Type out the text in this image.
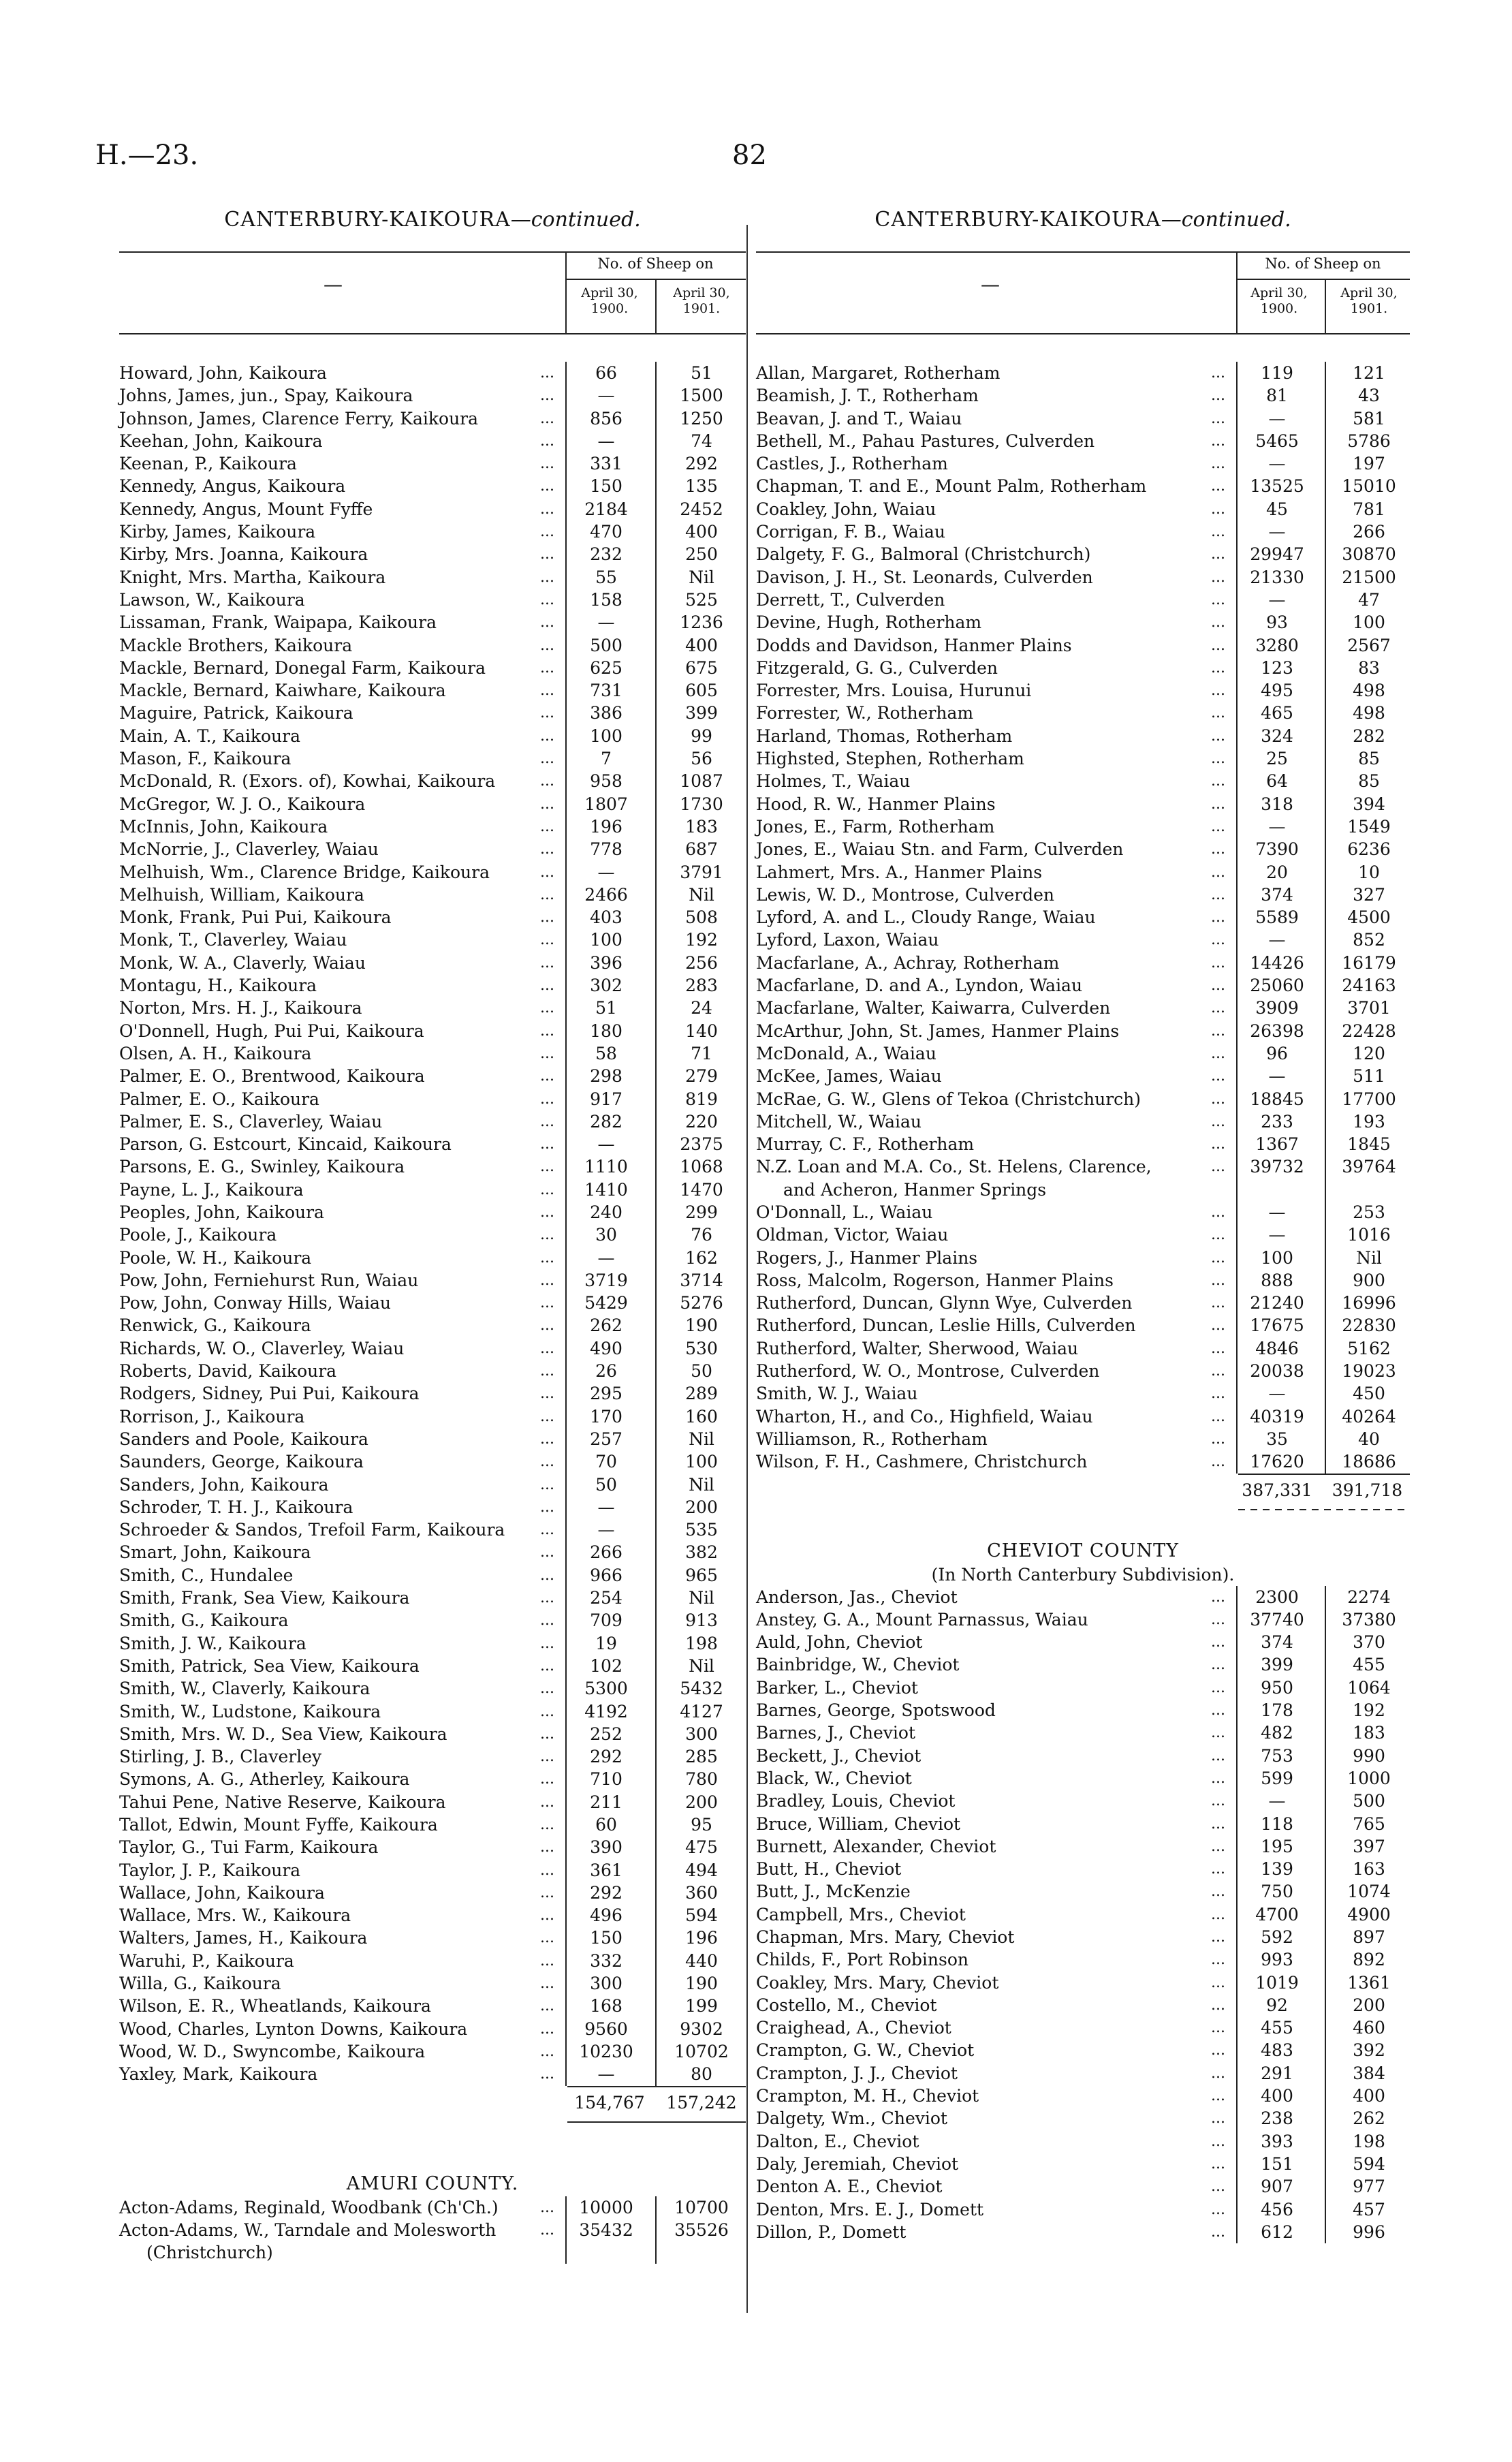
H.—23.	82
CANTERBURY-KAIKOURA—continued.
—
No. of Sheep on
April 30, 1900.
April 30, 1901.
Howard, John, Kaikoura	...	66	51
Johns, James, jun., Spay, Kaikoura	...	—	1500
Johnson, James, Clarence Ferry, Kaikoura	...	856	1250
Keehan, John, Kaikoura	...	—	74
Keenan, P., Kaikoura	...	331	292
Kennedy, Angus, Kaikoura	...	150	135
Kennedy, Angus, Mount Fyffe	...	2184	2452
Kirby, James, Kaikoura	...	470	400
Kirby, Mrs. Joanna, Kaikoura	...	232	250
Knight, Mrs. Martha, Kaikoura	...	55	Nil
Lawson, W., Kaikoura	...	158	525
Lissaman, Frank, Waipapa, Kaikoura	...	—	1236
Mackle Brothers, Kaikoura	...	500	400
Mackle, Bernard, Donegal Farm, Kaikoura	...	625	675
Mackle, Bernard, Kaiwhare, Kaikoura	...	731	605
Maguire, Patrick, Kaikoura	...	386	399
Main, A. T., Kaikoura	...	100	99
Mason, F., Kaikoura	...	7	56
McDonald, R. (Exors. of), Kowhai, Kaikoura	...	958	1087
McGregor, W. J. O., Kaikoura	...	1807	1730
McInnis, John, Kaikoura	...	196	183
McNorrie, J., Claverley, Waiau	...	778	687
Melhuish, Wm., Clarence Bridge, Kaikoura	...	—	3791
Melhuish, William, Kaikoura	...	2466	Nil
Monk, Frank, Pui Pui, Kaikoura	...	403	508
Monk, T., Claverley, Waiau	...	100	192
Monk, W. A., Claverly, Waiau	...	396	256
Montagu, H., Kaikoura	...	302	283
Norton, Mrs. H. J., Kaikoura	...	51	24
O'Donnell, Hugh, Pui Pui, Kaikoura	...	180	140
Olsen, A. H., Kaikoura	...	58	71
Palmer, E. O., Brentwood, Kaikoura	...	298	279
Palmer, E. O., Kaikoura	...	917	819
Palmer, E. S., Claverley, Waiau	...	282	220
Parson, G. Estcourt, Kincaid, Kaikoura	...	—	2375
Parsons, E. G., Swinley, Kaikoura	...	1110	1068
Payne, L. J., Kaikoura	...	1410	1470
Peoples, John, Kaikoura	...	240	299
Poole, J., Kaikoura	...	30	76
Poole, W. H., Kaikoura	...	—	162
Pow, John, Ferniehurst Run, Waiau	...	3719	3714
Pow, John, Conway Hills, Waiau	...	5429	5276
Renwick, G., Kaikoura	...	262	190
Richards, W. O., Claverley, Waiau	...	490	530
Roberts, David, Kaikoura	...	26	50
Rodgers, Sidney, Pui Pui, Kaikoura	...	295	289
Rorrison, J., Kaikoura	...	170	160
Sanders and Poole, Kaikoura	...	257	Nil
Saunders, George, Kaikoura	...	70	100
Sanders, John, Kaikoura	...	50	Nil
Schroder, T. H. J., Kaikoura	...	—	200
Schroeder & Sandos, Trefoil Farm, Kaikoura ...	—	535
Smart, John, Kaikoura	...	266	382
Smith, C., Hundalee	...	966	965
Smith, Frank, Sea View, Kaikoura	...	254	Nil
Smith, G., Kaikoura	...	709	913
Smith, J. W., Kaikoura	...	19	198
Smith, Patrick, Sea View, Kaikoura	...	102	Nil
Smith, W., Claverly, Kaikoura	...	5300	5432
Smith, W., Ludstone, Kaikoura	...	4192	4127
Smith, Mrs. W. D., Sea View, Kaikoura	...	252	300
Stirling, J. B., Claverley	...	292	285
Symons, A. G., Atherley, Kaikoura	...	710	780
Tahui Pene, Native Reserve, Kaikoura	...	211	200
Tallot, Edwin, Mount Fyffe, Kaikoura	...	60	95
Taylor, G., Tui Farm, Kaikoura	...	390	475
Taylor, J. P., Kaikoura	...	361	494
Wallace, John, Kaikoura	...	292	360
Wallace, Mrs. W., Kaikoura	...	496	594
Walters, James, H., Kaikoura	...	150	196
Waruhi, P., Kaikoura	...	332	440
Willa, G., Kaikoura	...	300	190
Wilson, E. R., Wheatlands, Kaikoura	...	168	199
Wood, Charles, Lynton Downs, Kaikoura	...	9560	9302
Wood, W. D., Swyncombe, Kaikoura	...	10230	10702
Yaxley, Mark, Kaikoura	...	—	80
154,767	157,242
AMURI COUNTY.
Acton-Adams, Reginald, Woodbank (Ch'Ch.)	...	10000	10700
Acton-Adams, W., Tarndale and Molesworth	...	35432	35526
(Christchurch)
CANTERBURY-KAIKOURA—continued.
—
No. of Sheep on
April 30, 1900.
April 30, 1901.
Allan, Margaret, Rotherham	...	119	121
Beamish, J. T., Rotherham	...	81	43
Beavan, J. and T., Waiau	...	—	581
Bethell, M., Pahau Pastures, Culverden	...	5465	5786
Castles, J., Rotherham	...	—	197
Chapman, T. and E., Mount Palm, Rotherham	...	13525	15010
Coakley, John, Waiau	...	45	781
Corrigan, F. B., Waiau	...	—	266
Dalgety, F. G., Balmoral (Christchurch)	...	29947	30870
Davison, J. H., St. Leonards, Culverden	...	21330	21500
Derrett, T., Culverden	...	—	47
Devine, Hugh, Rotherham	...	93	100
Dodds and Davidson, Hanmer Plains	...	3280	2567
Fitzgerald, G. G., Culverden	...	123	83
Forrester, Mrs. Louisa, Hurunui	...	495	498
Forrester, W., Rotherham	...	465	498
Harland, Thomas, Rotherham	...	324	282
Highsted, Stephen, Rotherham	...	25	85
Holmes, T., Waiau	...	64	85
Hood, R. W., Hanmer Plains	...	318	394
Jones, E., Farm, Rotherham	...	—	1549
Jones, E., Waiau Stn. and Farm, Culverden	...	7390	6236
Lahmert, Mrs. A., Hanmer Plains	...	20	10
Lewis, W. D., Montrose, Culverden	...	374	327
Lyford, A. and L., Cloudy Range, Waiau	...	5589	4500
Lyford, Laxon, Waiau	...	—	852
Macfarlane, A., Achray, Rotherham	...	14426	16179
Macfarlane, D. and A., Lyndon, Waiau	...	25060	24163
Macfarlane, Walter, Kaiwarra, Culverden	...	3909	3701
McArthur, John, St. James, Hanmer Plains	...	26398	22428
McDonald, A., Waiau	...	96	120
McKee, James, Waiau	...	—	511
McRae, G. W., Glens of Tekoa (Christchurch)	...	18845	17700
Mitchell, W., Waiau	...	233	193
Murray, C. F., Rotherham	...	1367	1845
N.Z. Loan and M.A. Co., St. Helens, Clarence,	...	39732	39764
and Acheron, Hanmer Springs
O'Donnall, L., Waiau	...	—	253
Oldman, Victor, Waiau	...	—	1016
Rogers, J., Hanmer Plains	...	100	Nil
Ross, Malcolm, Rogerson, Hanmer Plains	...	888	900
Rutherford, Duncan, Glynn Wye, Culverden	...	21240	16996
Rutherford, Duncan, Leslie Hills, Culverden	...	17675	22830
Rutherford, Walter, Sherwood, Waiau	...	4846	5162
Rutherford, W. O., Montrose, Culverden	...	20038	19023
Smith, W. J., Waiau	...	—	450
Wharton, H., and Co., Highfield, Waiau	...	40319	40264
Williamson, R., Rotherham	...	35	40
Wilson, F. H., Cashmere, Christchurch	...	17620	18686
387,331	391,718
CHEVIOT COUNTY
(In North Canterbury Subdivision).
Anderson, Jas., Cheviot	...	2300	2274
Anstey, G. A., Mount Parnassus, Waiau	...	37740	37380
Auld, John, Cheviot	...	374	370
Bainbridge, W., Cheviot	...	399	455
Barker, L., Cheviot	...	950	1064
Barnes, George, Spotswood	...	178	192
Barnes, J., Cheviot	...	482	183
Beckett, J., Cheviot	...	753	990
Black, W., Cheviot	...	599	1000
Bradley, Louis, Cheviot	...	—	500
Bruce, William, Cheviot	...	118	765
Burnett, Alexander, Cheviot	...	195	397
Butt, H., Cheviot	...	139	163
Butt, J., McKenzie	...	750	1074
Campbell, Mrs., Cheviot	...	4700	4900
Chapman, Mrs. Mary, Cheviot	...	592	897
Childs, F., Port Robinson	...	993	892
Coakley, Mrs. Mary, Cheviot	...	1019	1361
Costello, M., Cheviot	...	92	200
Craighead, A., Cheviot	...	455	460
Crampton, G. W., Cheviot	...	483	392
Crampton, J. J., Cheviot	...	291	384
Crampton, M. H., Cheviot	...	400	400
Dalgety, Wm., Cheviot	...	238	262
Dalton, E., Cheviot	...	393	198
Daly, Jeremiah, Cheviot	...	151	594
Denton A. E., Cheviot	...	907	977
Denton, Mrs. E. J., Domett	...	456	457
Dillon, P., Domett	...	612	996
